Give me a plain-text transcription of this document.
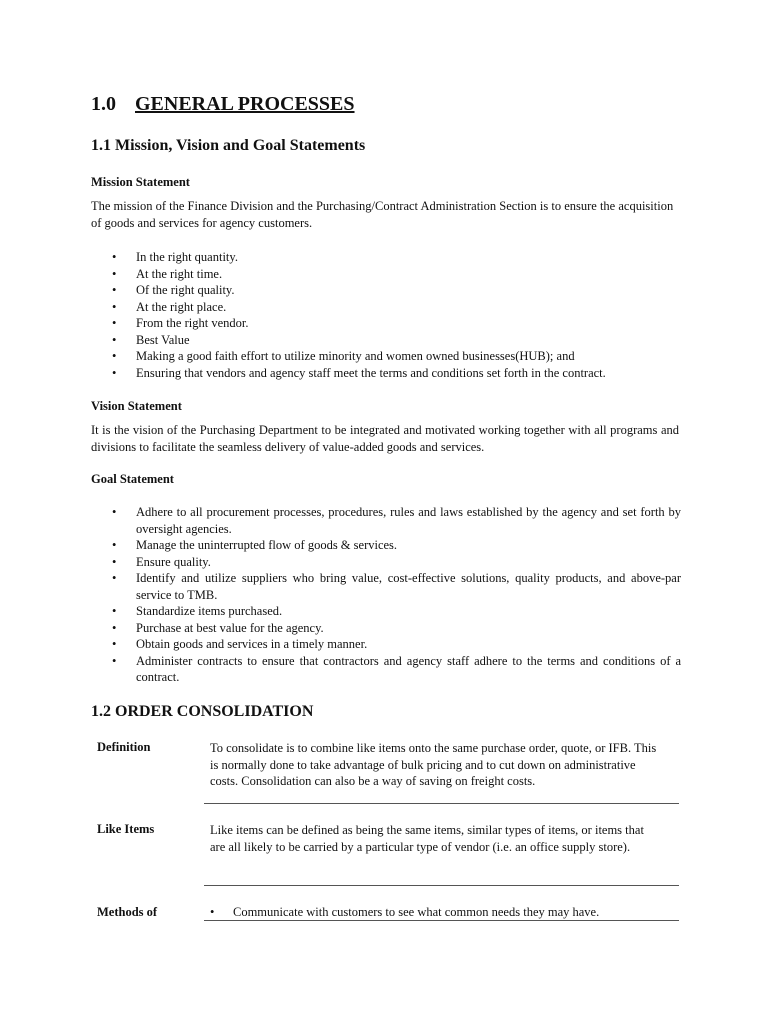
1.0 GENERAL PROCESSES
1.1 Mission, Vision and Goal Statements
Mission Statement

The mission of the Finance Division and the Purchasing/Contract Administration Section is to ensure the acquisition of goods and services for agency customers.

• In the right quantity.
• At the right time.
• Of the right quality.
• At the right place.
• From the right vendor.
• Best Value
• Making a good faith effort to utilize minority and women owned businesses(HUB); and
• Ensuring that vendors and agency staff meet the terms and conditions set forth in the contract.
Vision Statement

It is the vision of the Purchasing Department to be integrated and motivated working together with all programs and divisions to facilitate the seamless delivery of value-added goods and services.

Goal Statement
• Adhere to all procurement processes, procedures, rules and laws established by the agency and set forth by oversight agencies.
• Manage the uninterrupted flow of goods & services.
• Ensure quality.
• Identify and utilize suppliers who bring value, cost-effective solutions, quality products, and above-par service to TMB.
• Standardize items purchased.
• Purchase at best value for the agency.
• Obtain goods and services in a timely manner.
• Administer contracts to ensure that contractors and agency staff adhere to the terms and conditions of a contract.
1.2 ORDER CONSOLIDATION

Definition	To consolidate is to combine like items onto the same purchase order, quote, or IFB. This is normally done to take advantage of bulk pricing and to cut down on administrative costs. Consolidation can also be a way of saving on freight costs.

Like Items	Like items can be defined as being the same items, similar types of items, or items that are all likely to be carried by a particular type of vendor (i.e. an office supply store).

Methods of	• Communicate with customers to see what common needs they may have.
